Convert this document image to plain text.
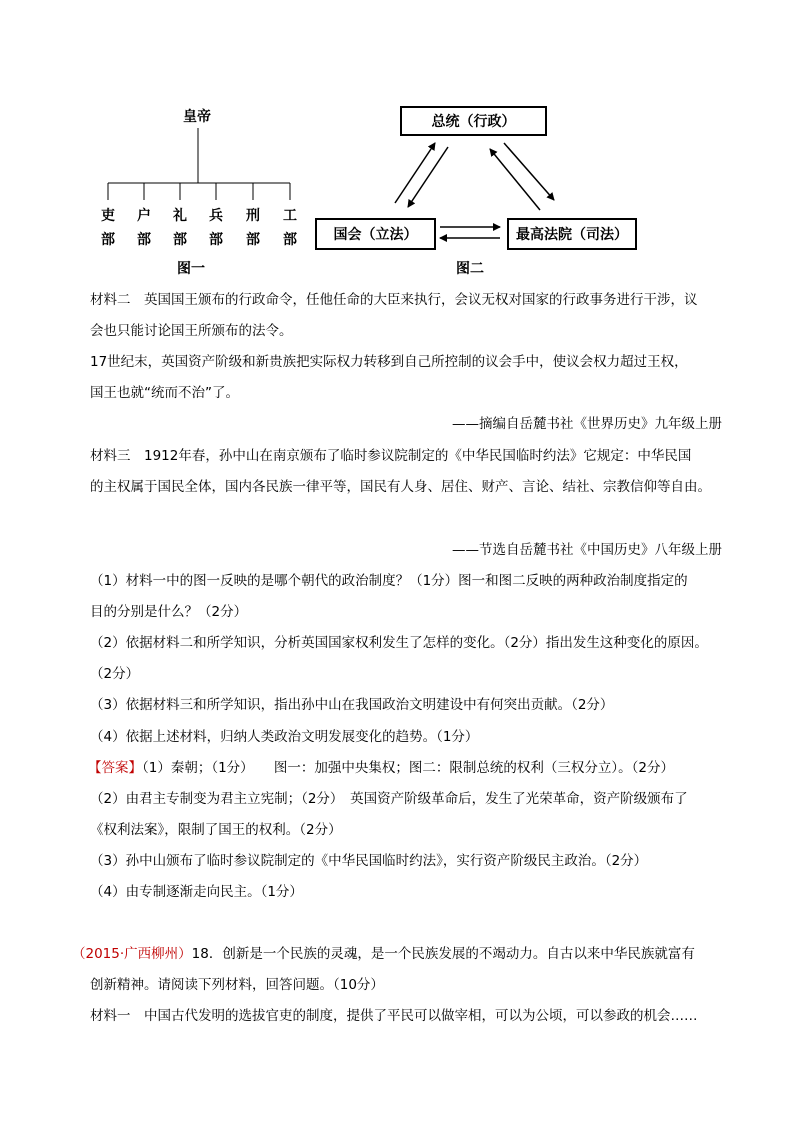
皇帝
吏
部
户
部
礼
部
兵
部
刑
部
工
部
图一
总统（行政）
国会（立法）	最高法院（司法）
图二
材料二　英国国王颁布的行政命令，任他任命的大臣来执行，会议无权对国家的行政事务进行干涉，议
会也只能讨论国王所颁布的法令。
17世纪末，英国资产阶级和新贵族把实际权力转移到自己所控制的议会手中，使议会权力超过王权，
国王也就“统而不治”了。
——摘编自岳麓书社《世界历史》九年级上册
材料三　1912年春，孙中山在南京颁布了临时参议院制定的《中华民国临时约法》它规定：中华民国
的主权属于国民全体，国内各民族一律平等，国民有人身、居住、财产、言论、结社、宗教信仰等自由。
——节选自岳麓书社《中国历史》八年级上册
（1）材料一中的图一反映的是哪个朝代的政治制度？（1分）图一和图二反映的两种政治制度指定的
目的分别是什么？（2分）
（2）依据材料二和所学知识，分析英国国家权利发生了怎样的变化。（2分）指出发生这种变化的原因。
（2分）
（3）依据材料三和所学知识，指出孙中山在我国政治文明建设中有何突出贡献。（2分）
（4）依据上述材料，归纳人类政治文明发展变化的趋势。（1分）
【答案】（1）秦朝；（1分）　　图一：加强中央集权；图二：限制总统的权利（三权分立）。（2分）
（2）由君主专制变为君主立宪制；（2分）　英国资产阶级革命后，发生了光荣革命，资产阶级颁布了
《权利法案》，限制了国王的权利。（2分）
（3）孙中山颁布了临时参议院制定的《中华民国临时约法》，实行资产阶级民主政治。（2分）
（4）由专制逐渐走向民主。（1分）
（2015·广西柳州）18．创新是一个民族的灵魂，是一个民族发展的不竭动力。自古以来中华民族就富有
创新精神。请阅读下列材料，回答问题。（10分）
材料一　中国古代发明的选拔官吏的制度，提供了平民可以做宰相，可以为公顷，可以参政的机会……
